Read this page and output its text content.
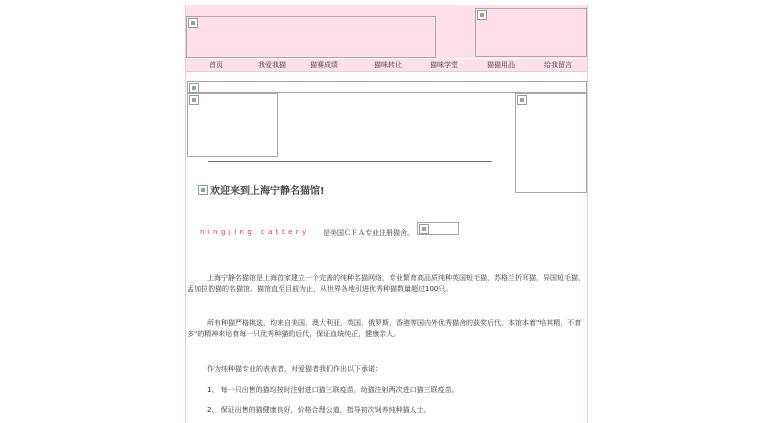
首页	我爱我猫	猫赛成绩	猫咪转让	猫咪学堂	猫猫用品	给我留言
欢迎来到上海宁静名猫馆!
ningjing cattery 是美国ＣＦＡ专业注册猫舍。
上海宁静名猫馆是上海首家建立一个完善的纯种名猫网络，专业繁育高品质纯种英国短毛猫，苏格兰折耳猫，异国短毛猫，孟加拉豹猫的名猫馆。猫馆直至目前为止，从世界各地引进优秀种猫数量超过100只。
所有种猫严格挑选，均来自美国，澳大利亚，英国，俄罗斯，香港等国内外优秀猫舍的获奖后代。本馆本着"培其精，不育多"的精神来培育每一只优秀种猫的后代，保证血统纯正，健康亲人。
作为纯种猫专业的表表者，对爱猫者我们作出以下承诺：
1、 每一只出售的猫均按时注射进口猫三联疫苗，幼猫注射两次进口猫三联疫苗。
2、 保证出售的猫健康良好，价格合理公道，指导初次饲养纯种猫人士。
